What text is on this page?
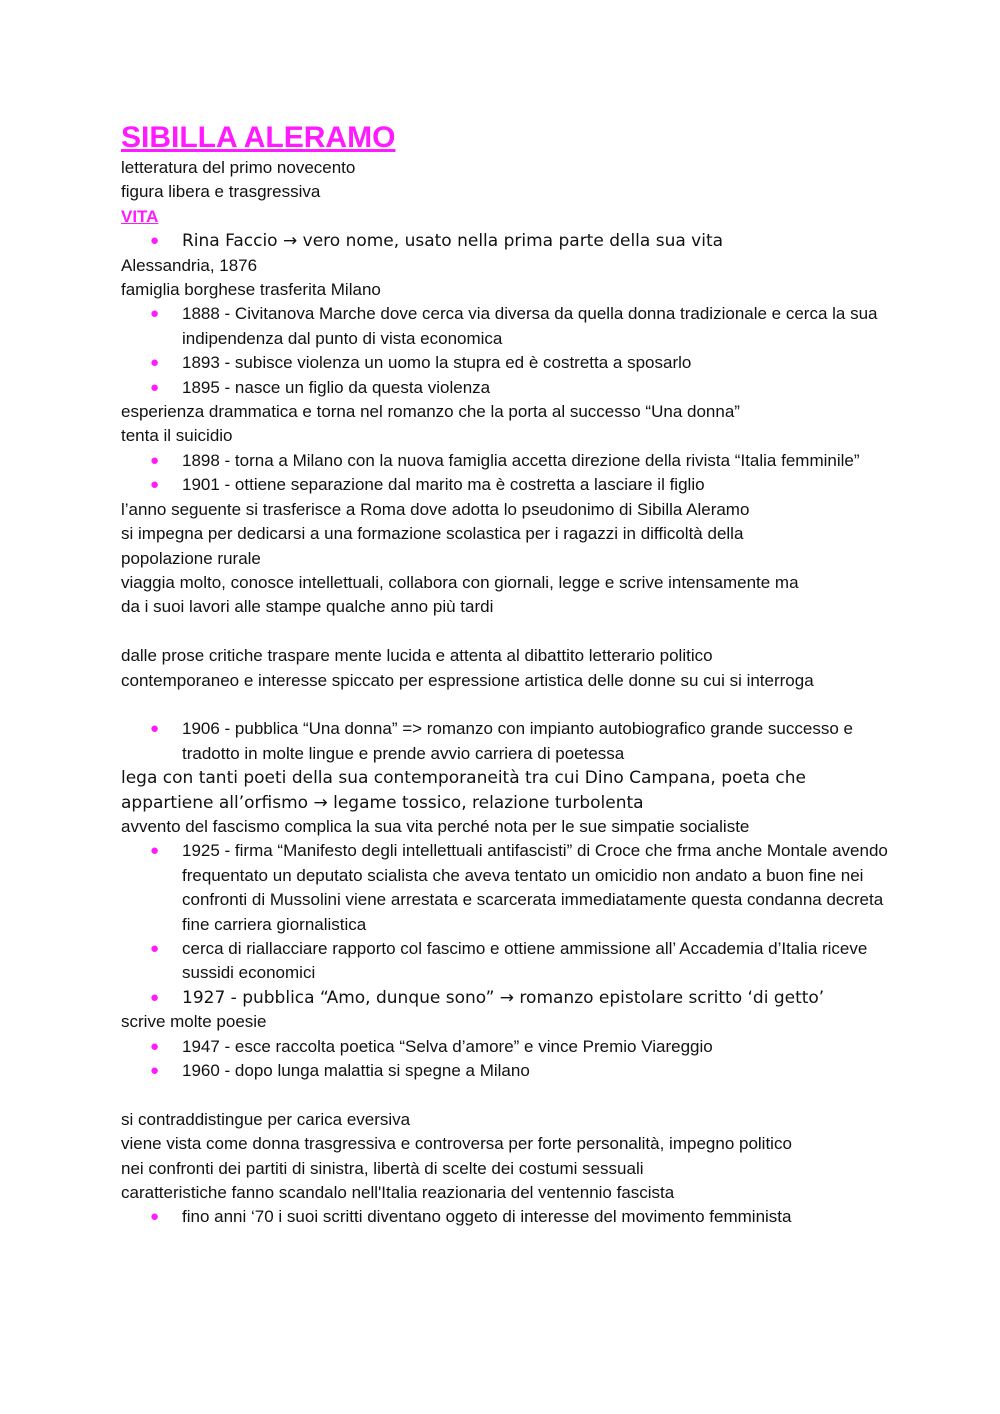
SIBILLA ALERAMO

letteratura del primo novecento

figura libera e trasgressiva

VITA

● Rina Faccio → vero nome, usato nella prima parte della sua vita

Alessandria, 1876

famiglia borghese trasferita Milano

● 1888 - Civitanova Marche dove cerca via diversa da quella donna tradizionale e cerca la sua indipendenza dal punto di vista economica
● 1893 - subisce violenza un uomo la stupra ed è costretta a sposarlo
● 1895 - nasce un figlio da questa violenza

esperienza drammatica e torna nel romanzo che la porta al successo “Una donna”

tenta il suicidio

● 1898 - torna a Milano con la nuova famiglia accetta direzione della rivista “Italia femminile”
● 1901 - ottiene separazione dal marito ma è costretta a lasciare il figlio

l’anno seguente si trasferisce a Roma dove adotta lo pseudonimo di Sibilla Aleramo

si impegna per dedicarsi a una formazione scolastica per i ragazzi in difficoltà della

popolazione rurale

viaggia molto, conosce intellettuali, collabora con giornali, legge e scrive intensamente ma

da i suoi lavori alle stampe qualche anno più tardi

dalle prose critiche traspare mente lucida e attenta al dibattito letterario politico

contemporaneo e interesse spiccato per espressione artistica delle donne su cui si interroga

● 1906 - pubblica “Una donna” => romanzo con impianto autobiografico grande successo e tradotto in molte lingue e prende avvio carriera di poetessa

lega con tanti poeti della sua contemporaneità tra cui Dino Campana, poeta che

appartiene all’orfismo → legame tossico, relazione turbolenta

avvento del fascismo complica la sua vita perché nota per le sue simpatie socialiste

● 1925 - firma “Manifesto degli intellettuali antifascisti” di Croce che frma anche Montale avendo frequentato un deputato scialista che aveva tentato un omicidio non andato a buon fine nei confronti di Mussolini viene arrestata e scarcerata immediatamente questa condanna decreta fine carriera giornalistica
● cerca di riallacciare rapporto col fascimo e ottiene ammissione all’ Accademia d’Italia riceve sussidi economici
● 1927 - pubblica “Amo, dunque sono” → romanzo epistolare scritto ‘di getto’

scrive molte poesie

● 1947 - esce raccolta poetica “Selva d’amore” e vince Premio Viareggio
● 1960 - dopo lunga malattia si spegne a Milano

si contraddistingue per carica eversiva

viene vista come donna trasgressiva e controversa per forte personalità, impegno politico

nei confronti dei partiti di sinistra, libertà di scelte dei costumi sessuali

caratteristiche fanno scandalo nell'Italia reazionaria del ventennio fascista

● fino anni ‘70 i suoi scritti diventano oggeto di interesse del movimento femminista
